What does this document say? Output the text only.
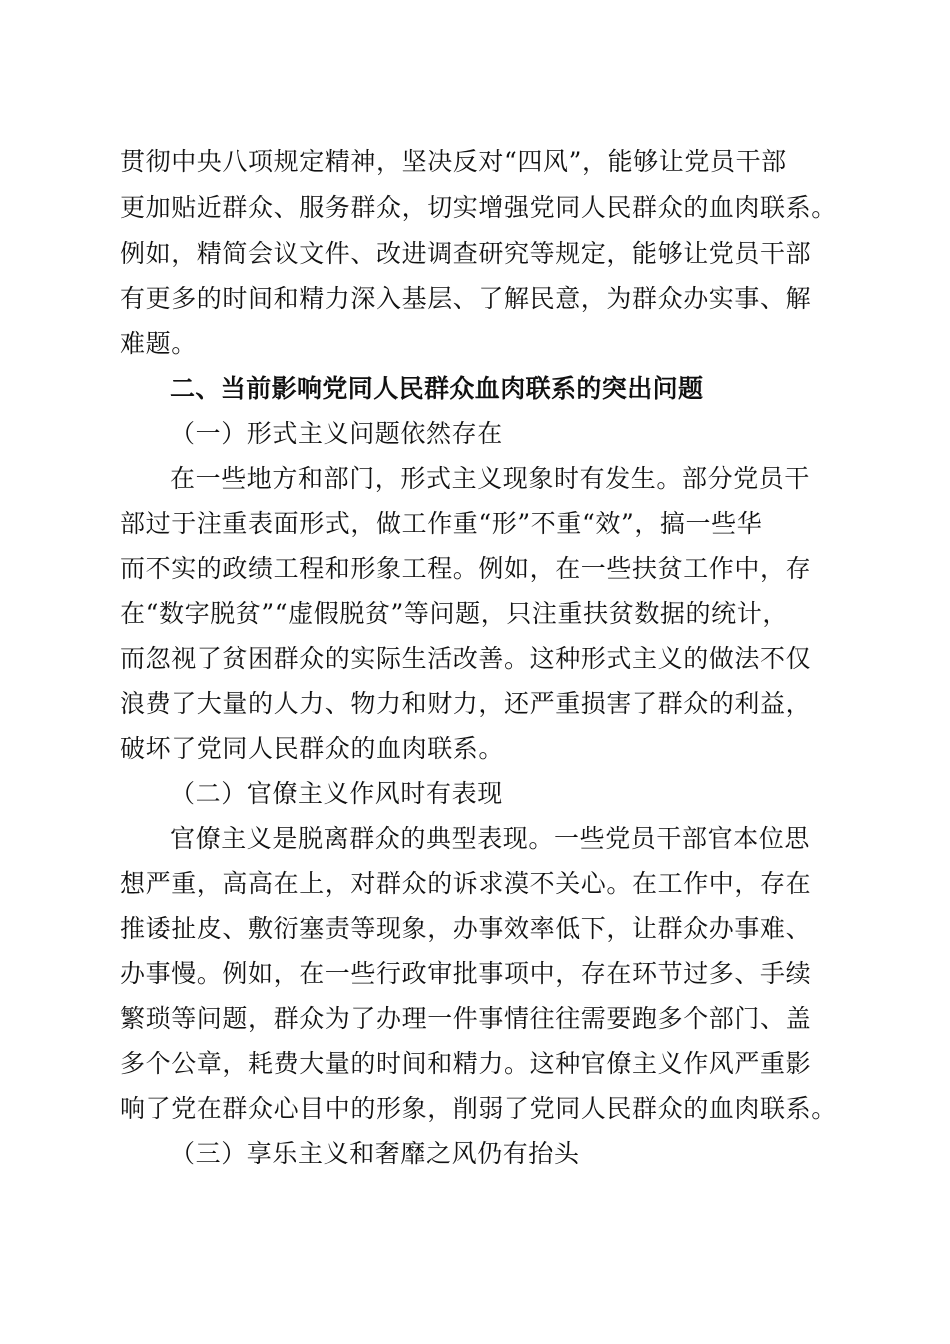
贯彻中央八项规定精神，坚决反对“四风”，能够让党员干部
更加贴近群众、服务群众，切实增强党同人民群众的血肉联系。
例如，精简会议文件、改进调查研究等规定，能够让党员干部
有更多的时间和精力深入基层、了解民意，为群众办实事、解
难题。
二、当前影响党同人民群众血肉联系的突出问题
（一）形式主义问题依然存在
在一些地方和部门，形式主义现象时有发生。部分党员干
部过于注重表面形式，做工作重“形”不重“效”，搞一些华
而不实的政绩工程和形象工程。例如，在一些扶贫工作中，存
在“数字脱贫”“虚假脱贫”等问题，只注重扶贫数据的统计，
而忽视了贫困群众的实际生活改善。这种形式主义的做法不仅
浪费了大量的人力、物力和财力，还严重损害了群众的利益，
破坏了党同人民群众的血肉联系。
（二）官僚主义作风时有表现
官僚主义是脱离群众的典型表现。一些党员干部官本位思
想严重，高高在上，对群众的诉求漠不关心。在工作中，存在
推诿扯皮、敷衍塞责等现象，办事效率低下，让群众办事难、
办事慢。例如，在一些行政审批事项中，存在环节过多、手续
繁琐等问题，群众为了办理一件事情往往需要跑多个部门、盖
多个公章，耗费大量的时间和精力。这种官僚主义作风严重影
响了党在群众心目中的形象，削弱了党同人民群众的血肉联系。
（三）享乐主义和奢靡之风仍有抬头
